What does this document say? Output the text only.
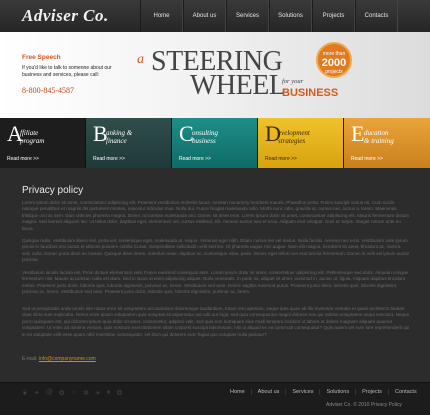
Adviser Co.	Home	About us	Services	Solutions	Projects	Contacts
Free Speech
If you'd like to talk to someone about our business and services, please call:
8-800-845-4587
a STEERING
WHEEL
for your
BUSINESS
more than
2000
projects
A
ffiliate
program
Read more >>
B
anking &
finance
Read more >>
C
onsulting
business
Read more >>
D
evelopment
strategies
Read more >>
E ducation
& training
Read more >>
Privacy policy
Lorem ipsum dolor sit amet, consectetuer adipiscing elit. Praesent vestibulum molestie lacus. Aenean nonummy hendrerit mauris. Phasellus porta. Fusce suscipit varius mi. Cum sociis natoque penatibus et magnis dis parturient montes, nascetur ridiculus mus. Nulla dui. Fusce feugiat malesuada odio. Morbi nunc odio, gravida at, cursus nec, luctus a, lorem. Maecenas tristique orci ac sem. Duis ultricies pharetra magna. Donec accumsan malesuada orci. Donec sit amet eros. Lorem ipsum dolor sit amet, consectetuer adipiscing elit. Mauris fermentum dictum magna. Sed laoreet aliquam leo. Ut tellus dolor, dapibus eget, elementum vel, cursus eleifend, elit. Aenean auctor wisi et urna. Aliquam erat volutpat. Duis ac turpis. Integer rutrum ante eu lacus.
Quisque nulla. Vestibulum libero nisl, porta vel, scelerisque eget, malesuada at, neque. Vivamus eget nibh. Etiam cursus leo vel metus. Nulla facilisi. Aenean nec eros. Vestibulum ante ipsum primis in faucibus orci luctus et ultrices posuere cubilia Curae; Suspendisse sollicitudin velit sed leo. Ut pharetra augue nec augue. Nam elit magna, hendrerit sit amet, tincidunt ac, viverra sed, nulla. Donec porta diam eu massa. Quisque diam lorem, interdum vitae, dapibus ac, scelerisque vitae, pede. Donec eget tellus non erat lacinia fermentum. Donec in velit vel ipsum auctor pulvinar.
Vestibulum iaculis lacinia est. Proin dictum elementum velit. Fusce euismod consequat ante. Lorem ipsum dolor sit amet, consectetuer adipiscing elit. Pellentesque sed dolor. Aliquam congue fermentum nisl. Mauris accumsan nulla vel diam. Sed in lacus ut enim adipiscing aliquet. Nulla venenatis. In pede mi, aliquet sit amet, euismod in, auctor ut, ligula. Aliquam dapibus tincidunt metus. Praesent justo dolor, lobortis quis, lobortis dignissim, pulvinar ac, lorem. Vestibulum sed ante. Donec sagittis euismod purus. Praesent justo dolor, lobortis quis, lobortis dignissim, pulvinar ac, lorem. Vestibulum sed ante. Praesent justo dolor, lobortis quis, lobortis dignissim, pulvinar ac, lorem.
Sed ut perspiciatis unde omnis iste natus error sit voluptatem accusantium doloremque laudantium, totam rem aperiam, eaque ipsa quae ab illo inventore veritatis et quasi architecto beatae vitae dicta sunt explicabo. Nemo enim ipsam voluptatem quia voluptas sit aspernatur aut odit aut fugit, sed quia consequuntur magni dolores eos qui ratione voluptatem sequi nesciunt. Neque porro quisquam est, qui dolorem ipsum quia dolor sit amet, consectetur, adipisci velit, sed quia non numquam eius modi tempora incidunt ut labore et dolore magnam aliquam quaerat voluptatem. Ut enim ad minima veniam, quis nostrum exercitationem ullam corporis suscipit laboriosam, nisi ut aliquid ex ea commodi consequatur? Quis autem vel eum iure reprehenderit qui in ea voluptate velit esse quam nihil molestiae consequatur, vel illum qui dolorem eum fugiat quo voluptas nulla pariatur?
E-mail: info@companyname.com
❦ ✦ @ ✿ ☼ ✻ ❧ ♦ ❂	Home	About us	Services	Solutions	Projects	Contacts
Adviser Co. © 2010 Privacy Policy
